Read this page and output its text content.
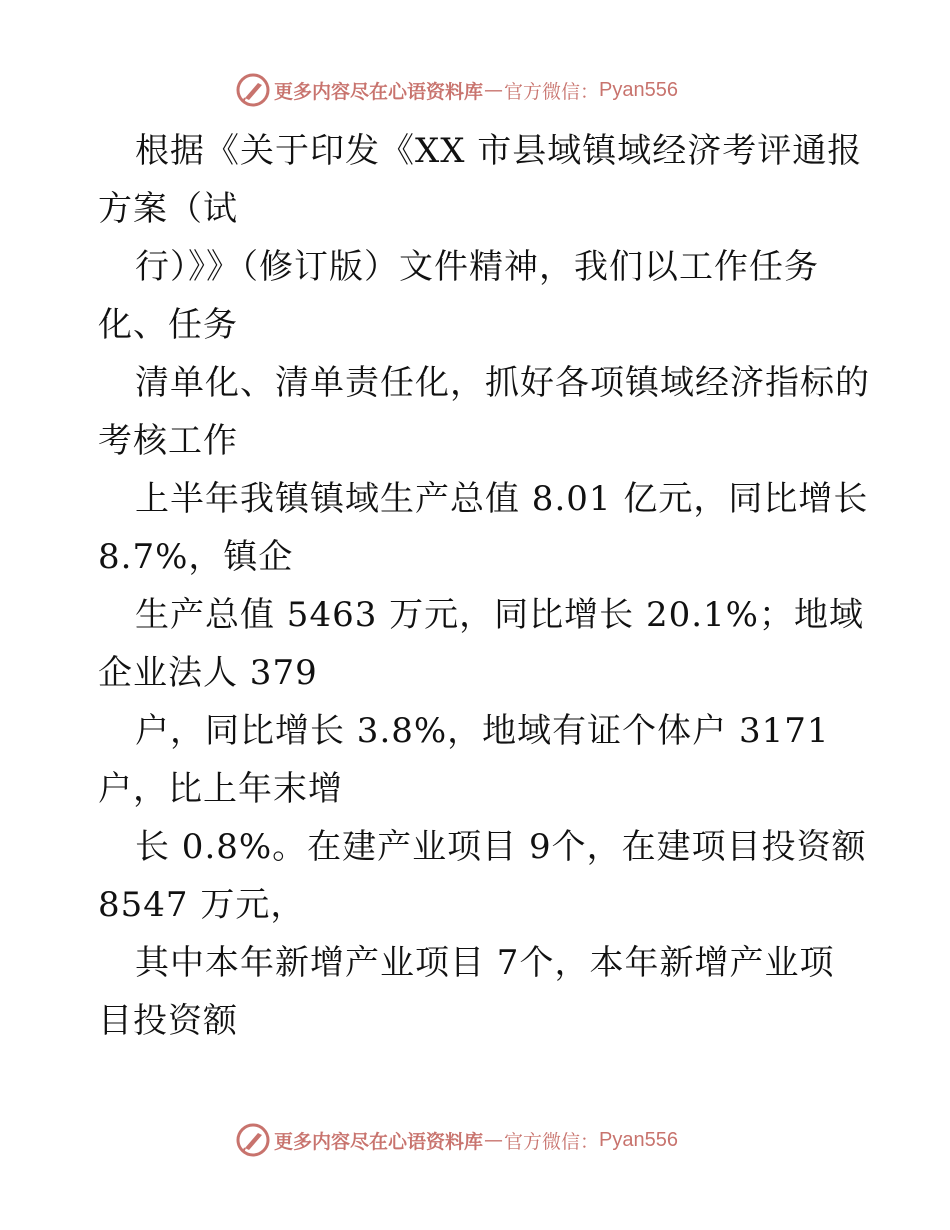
更多内容尽在心语资料库 — 官方微信： Pyan556
根据《关于印发《XX 市县域镇域经济考评通报
方案（试
行）》》（修订版）文件精神，我们以工作任务
化、任务
清单化、清单责任化，抓好各项镇域经济指标的
考核工作
上半年我镇镇域生产总值 8.01 亿元，同比增长
8.7%，镇企
生产总值 5463 万元，同比增长 20.1%；地域
企业法人 379
户，同比增长 3.8%，地域有证个体户 3171
户，比上年末增
长 0.8%。在建产业项目 9个，在建项目投资额
8547 万元，
其中本年新增产业项目 7个，本年新增产业项
目投资额
更多内容尽在心语资料库 — 官方微信： Pyan556
